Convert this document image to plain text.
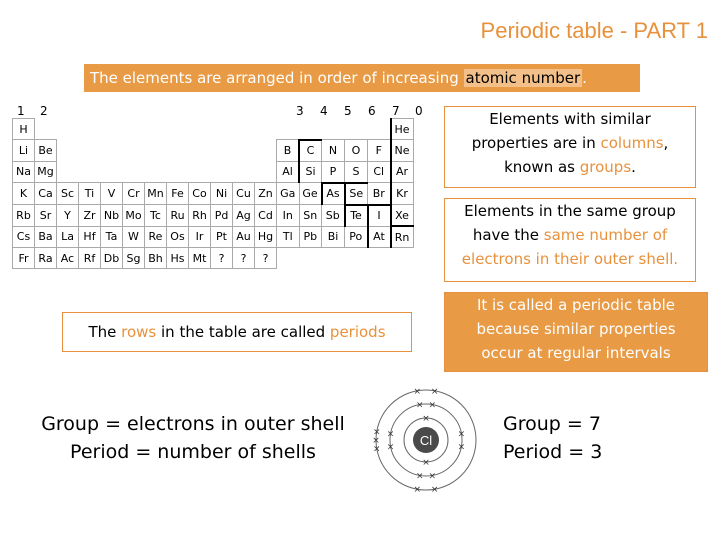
Periodic table - PART 1
The elements are arranged in order of increasing atomic number .
1 2	3 4 5 6 7 0
H																	He
Li	Be											B	C	N	O	F	Ne
Na	Mg											Al	Si	P	S	Cl	Ar
K	Ca	Sc	Ti	V	Cr	Mn	Fe	Co	Ni	Cu	Zn	Ga	Ge	As	Se	Br	Kr
Rb	Sr	Y	Zr	Nb	Mo	Tc	Ru	Rh	Pd	Ag	Cd	In	Sn	Sb	Te	I	Xe
Cs	Ba	La	Hf	Ta	W	Re	Os	Ir	Pt	Au	Hg	Tl	Pb	Bi	Po	At	Rn
Fr	Ra	Ac	Rf	Db	Sg	Bh	Hs	Mt	?	?	?						
Elements with similar
properties are in columns,
known as groups.
Elements in the same group
have the same number of
electrons in their outer shell.
It is called a periodic table
because similar properties
occur at regular intervals
The rows in the table are called periods
Group = electrons in outer shell
Period = number of shells
Cl
×
×
×
×
×
×
× ×
×
×
×
×
×
×
×
× ×
Group = 7
Period = 3
